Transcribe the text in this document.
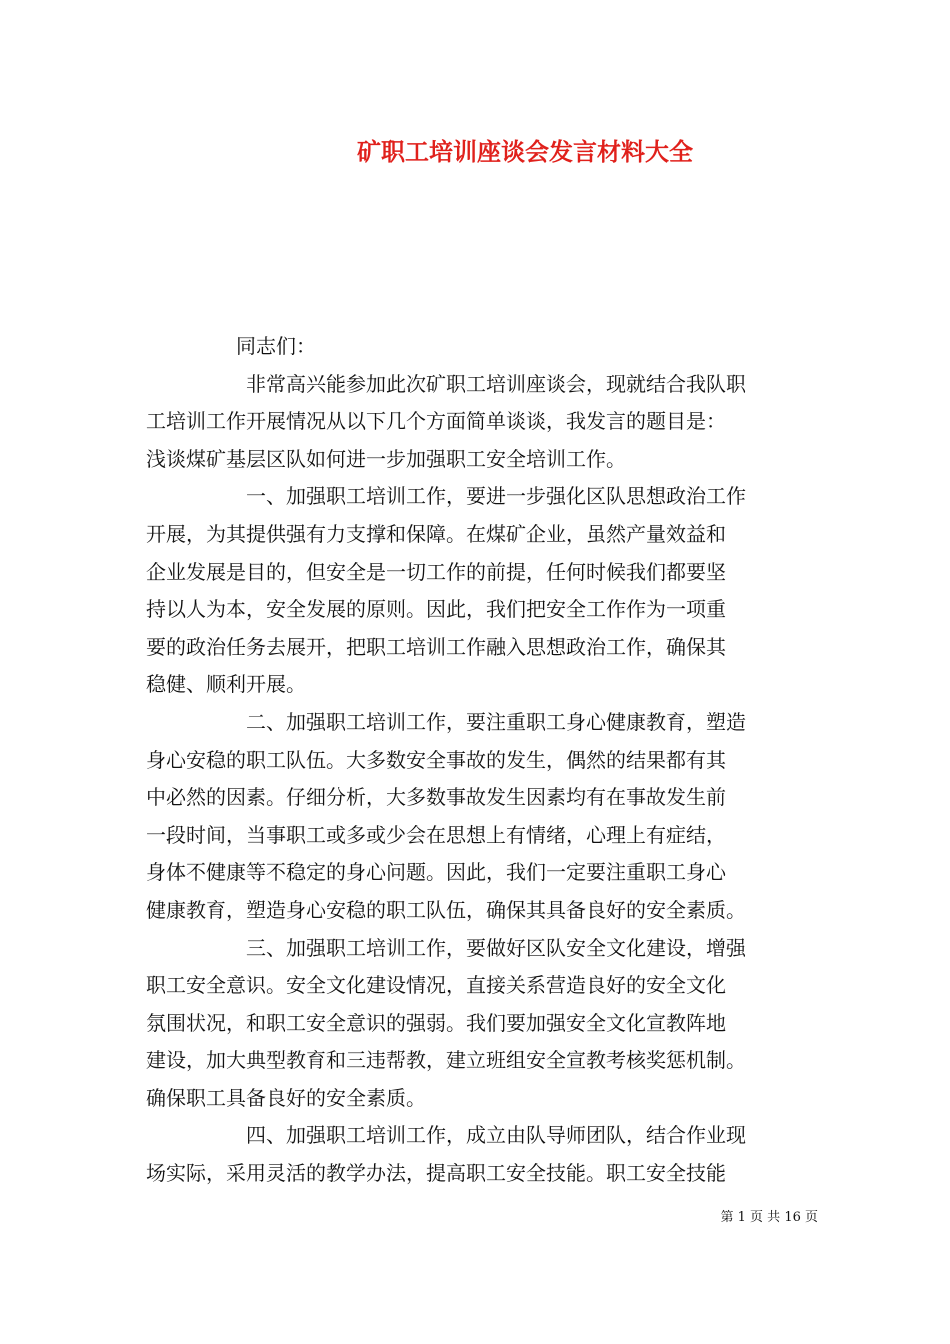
矿职工培训座谈会发言材料大全
同志们：
非常高兴能参加此次矿职工培训座谈会，现就结合我队职
工培训工作开展情况从以下几个方面简单谈谈，我发言的题目是：
浅谈煤矿基层区队如何进一步加强职工安全培训工作。
一、加强职工培训工作，要进一步强化区队思想政治工作
开展，为其提供强有力支撑和保障。在煤矿企业，虽然产量效益和
企业发展是目的，但安全是一切工作的前提，任何时候我们都要坚
持以人为本，安全发展的原则。因此，我们把安全工作作为一项重
要的政治任务去展开，把职工培训工作融入思想政治工作，确保其
稳健、顺利开展。
二、加强职工培训工作，要注重职工身心健康教育，塑造
身心安稳的职工队伍。大多数安全事故的发生，偶然的结果都有其
中必然的因素。仔细分析，大多数事故发生因素均有在事故发生前
一段时间，当事职工或多或少会在思想上有情绪，心理上有症结，
身体不健康等不稳定的身心问题。因此，我们一定要注重职工身心
健康教育，塑造身心安稳的职工队伍，确保其具备良好的安全素质。
三、加强职工培训工作，要做好区队安全文化建设，增强
职工安全意识。安全文化建设情况，直接关系营造良好的安全文化
氛围状况，和职工安全意识的强弱。我们要加强安全文化宣教阵地
建设，加大典型教育和三违帮教，建立班组安全宣教考核奖惩机制。
确保职工具备良好的安全素质。
四、加强职工培训工作，成立由队导师团队，结合作业现
场实际，采用灵活的教学办法，提高职工安全技能。职工安全技能
第 1 页 共 16 页
